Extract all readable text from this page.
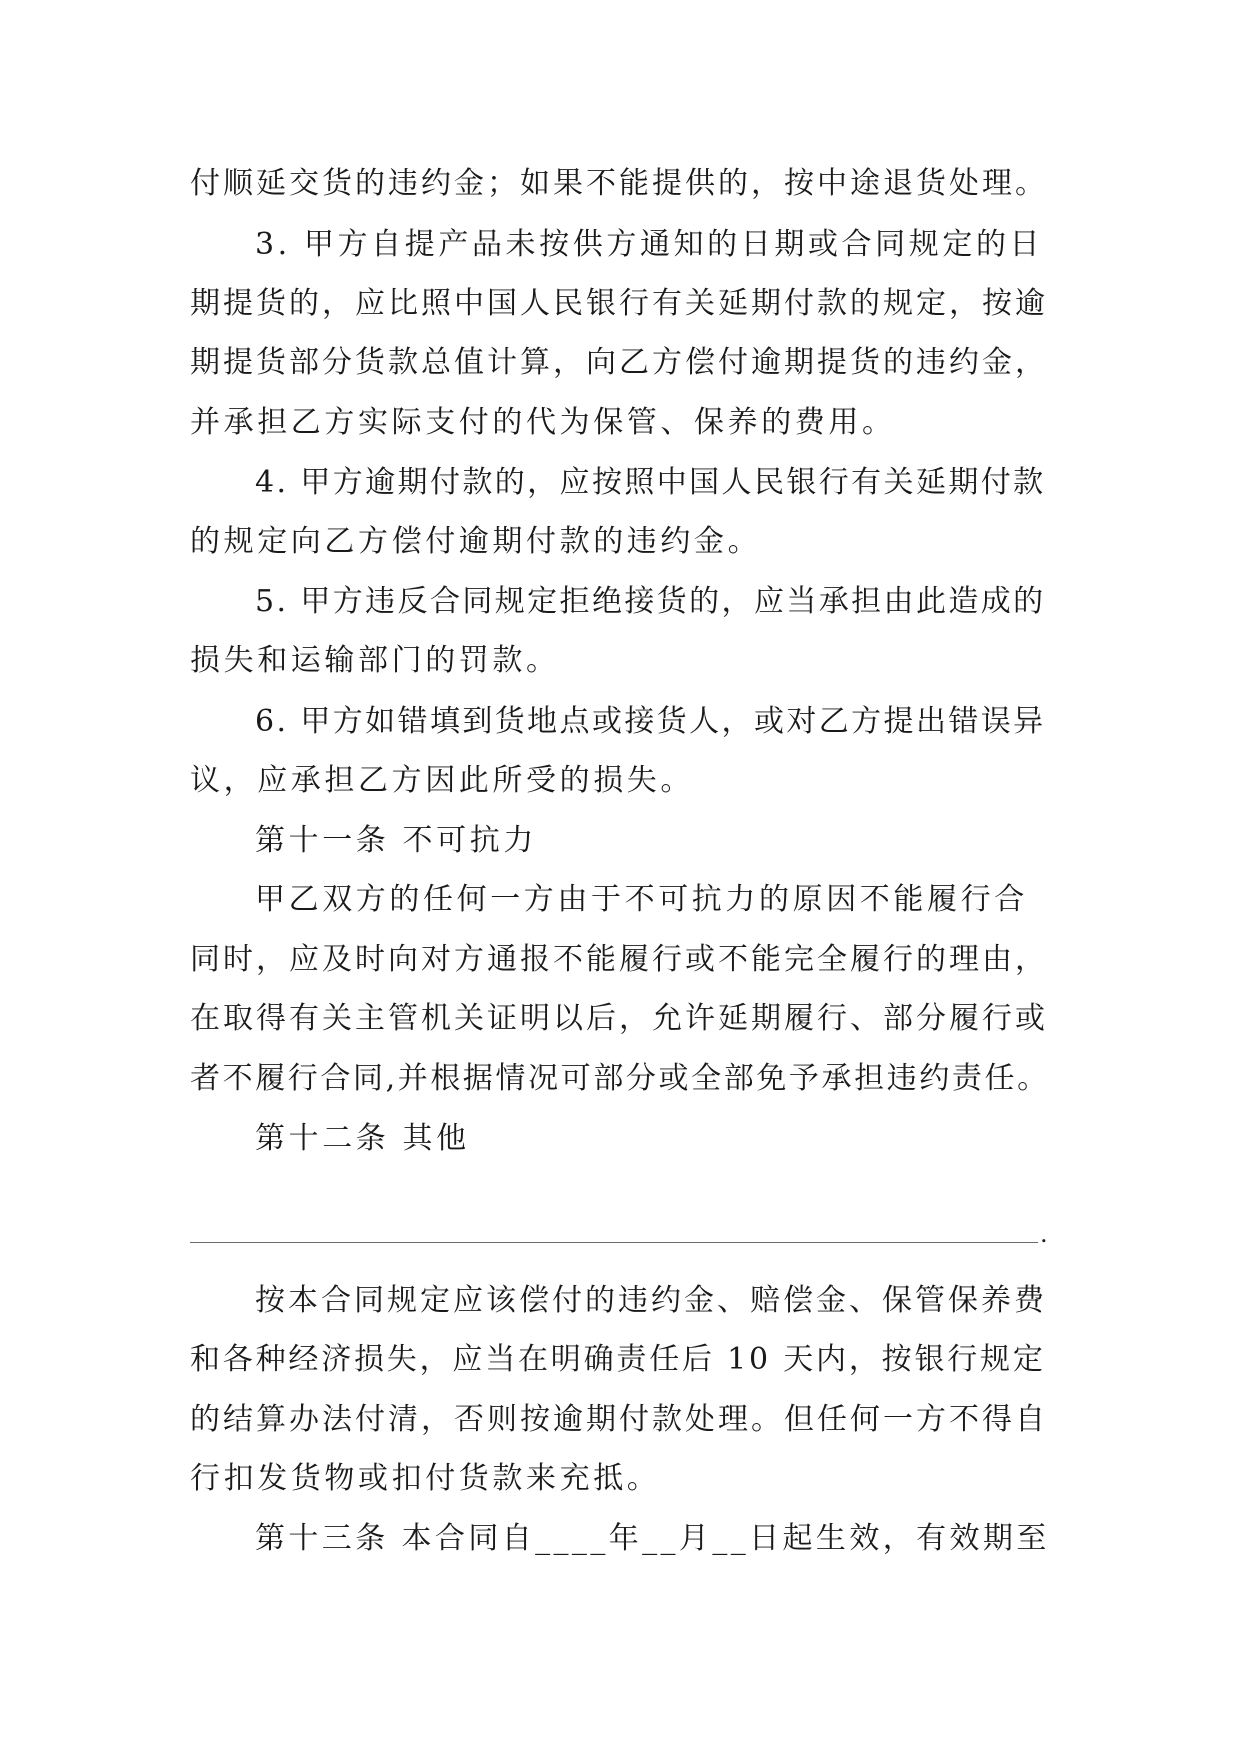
付顺延交货的违约金；如果不能提供的，按中途退货处理。
3. 甲方自提产品未按供方通知的日期或合同规定的日
期提货的，应比照中国人民银行有关延期付款的规定，按逾
期提货部分货款总值计算，向乙方偿付逾期提货的违约金，
并承担乙方实际支付的代为保管、保养的费用。
4. 甲方逾期付款的，应按照中国人民银行有关延期付款
的规定向乙方偿付逾期付款的违约金。
5. 甲方违反合同规定拒绝接货的，应当承担由此造成的
损失和运输部门的罚款。
6. 甲方如错填到货地点或接货人，或对乙方提出错误异
议，应承担乙方因此所受的损失。
第十一条 不可抗力
甲乙双方的任何一方由于不可抗力的原因不能履行合
同时，应及时向对方通报不能履行或不能完全履行的理由，
在取得有关主管机关证明以后，允许延期履行、部分履行或
者不履行合同,并根据情况可部分或全部免予承担违约责任。
第十二条 其他
.
按本合同规定应该偿付的违约金、赔偿金、保管保养费
和各种经济损失，应当在明确责任后 10 天内，按银行规定
的结算办法付清，否则按逾期付款处理。但任何一方不得自
行扣发货物或扣付货款来充抵。
第十三条 本合同自____年__月__日起生效，有效期至
